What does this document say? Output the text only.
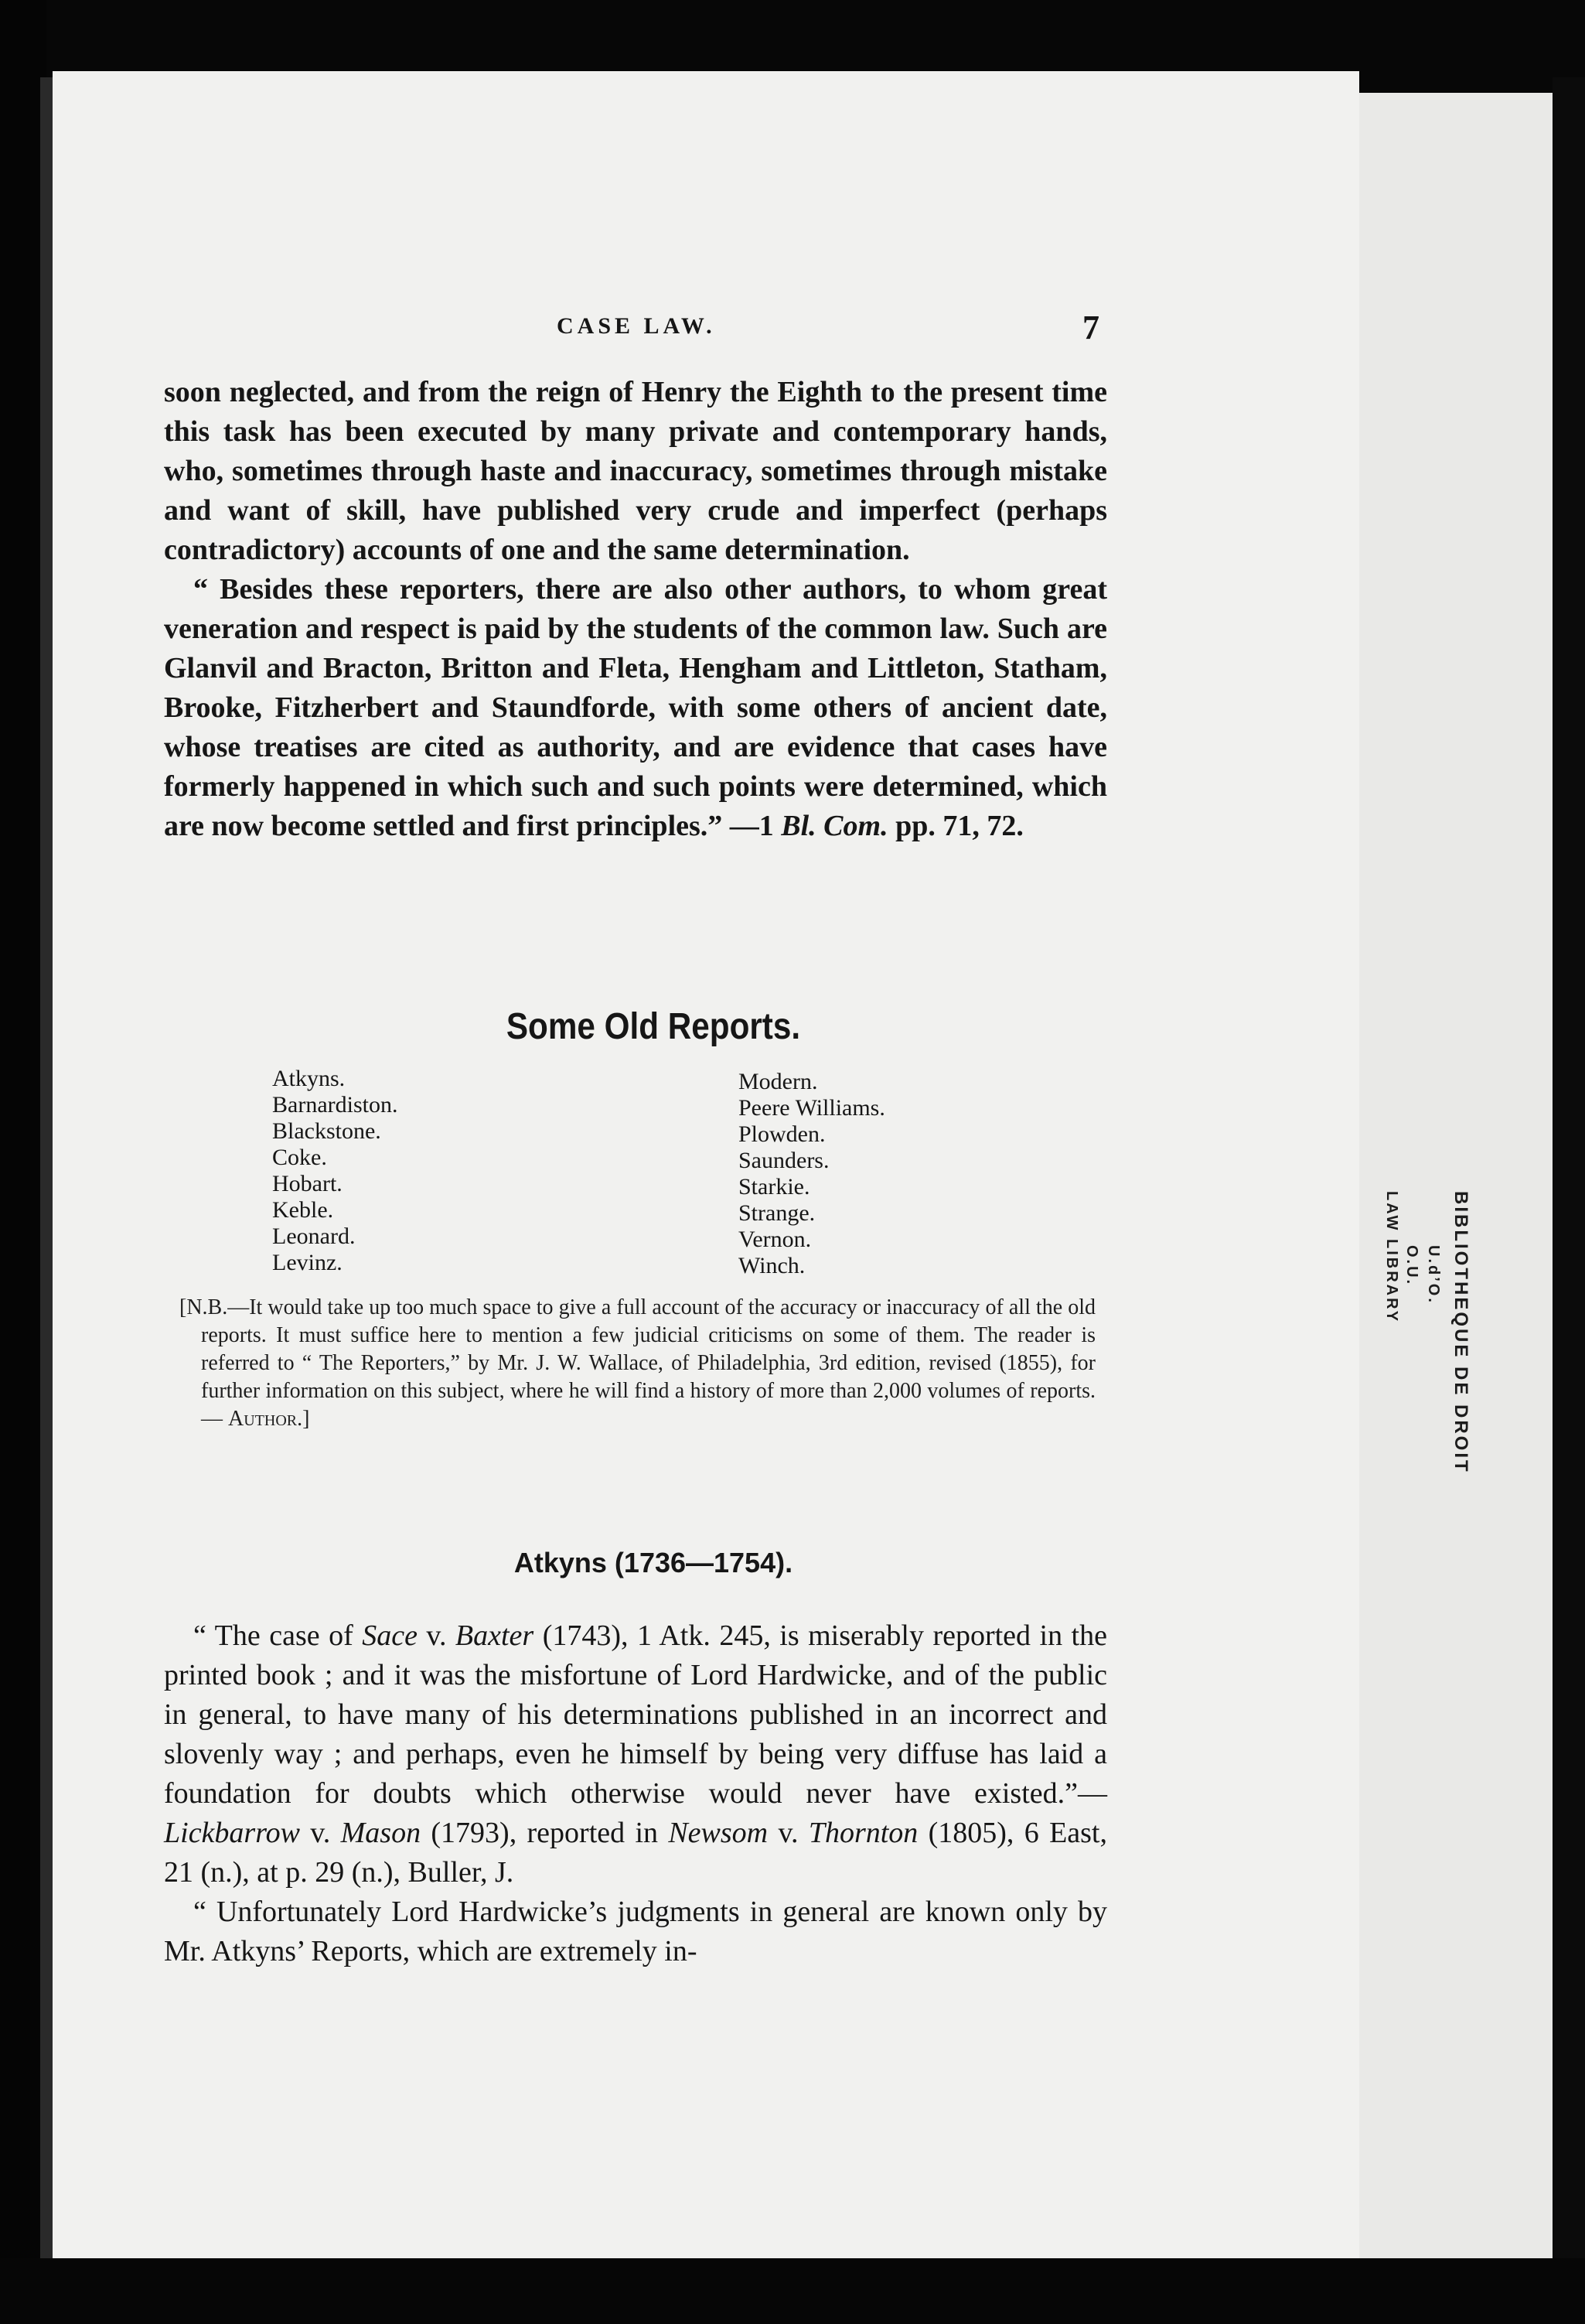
CASE LAW.	7

soon neglected, and from the reign of Henry the Eighth to the present time this task has been executed by many private and contemporary hands, who, sometimes through haste and inaccuracy, sometimes through mistake and want of skill, have published very crude and imperfect (perhaps contradictory) accounts of one and the same determination.

“ Besides these reporters, there are also other authors, to whom great veneration and respect is paid by the students of the common law. Such are Glanvil and Bracton, Britton and Fleta, Hengham and Littleton, Statham, Brooke, Fitzherbert and Staundforde, with some others of ancient date, whose treatises are cited as authority, and are evidence that cases have formerly happened in which such and such points were determined, which are now become settled and first principles.” —1 Bl. Com. pp. 71, 72.

Some Old Reports.
Atkyns.
Barnardiston.
Blackstone.
Coke.
Hobart.
Keble.
Leonard.
Levinz.
Modern.
Peere Williams.
Plowden.
Saunders.
Starkie.
Strange.
Vernon.
Winch.

[N.B.—It would take up too much space to give a full account of the accuracy or inaccuracy of all the old reports. It must suffice here to mention a few judicial criticisms on some of them. The reader is referred to “ The Reporters,” by Mr. J. W. Wallace, of Philadelphia, 3rd edition, revised (1855), for further information on this subject, where he will find a history of more than 2,000 volumes of reports.— Author.]

Atkyns (1736—1754).

“ The case of Sace v. Baxter (1743), 1 Atk. 245, is miserably reported in the printed book ; and it was the misfortune of Lord Hardwicke, and of the public in general, to have many of his determinations published in an incorrect and slovenly way ; and perhaps, even he himself by being very diffuse has laid a foundation for doubts which otherwise would never have existed.”—Lickbarrow v. Mason (1793), reported in Newsom v. Thornton (1805), 6 East, 21 (n.), at p. 29 (n.), Buller, J.

“ Unfortunately Lord Hardwicke’s judgments in general are known only by Mr. Atkyns’ Reports, which are extremely in-

BIBLIOTHEQUE DE DROIT
U.d’O.
O.U.
LAW LIBRARY
